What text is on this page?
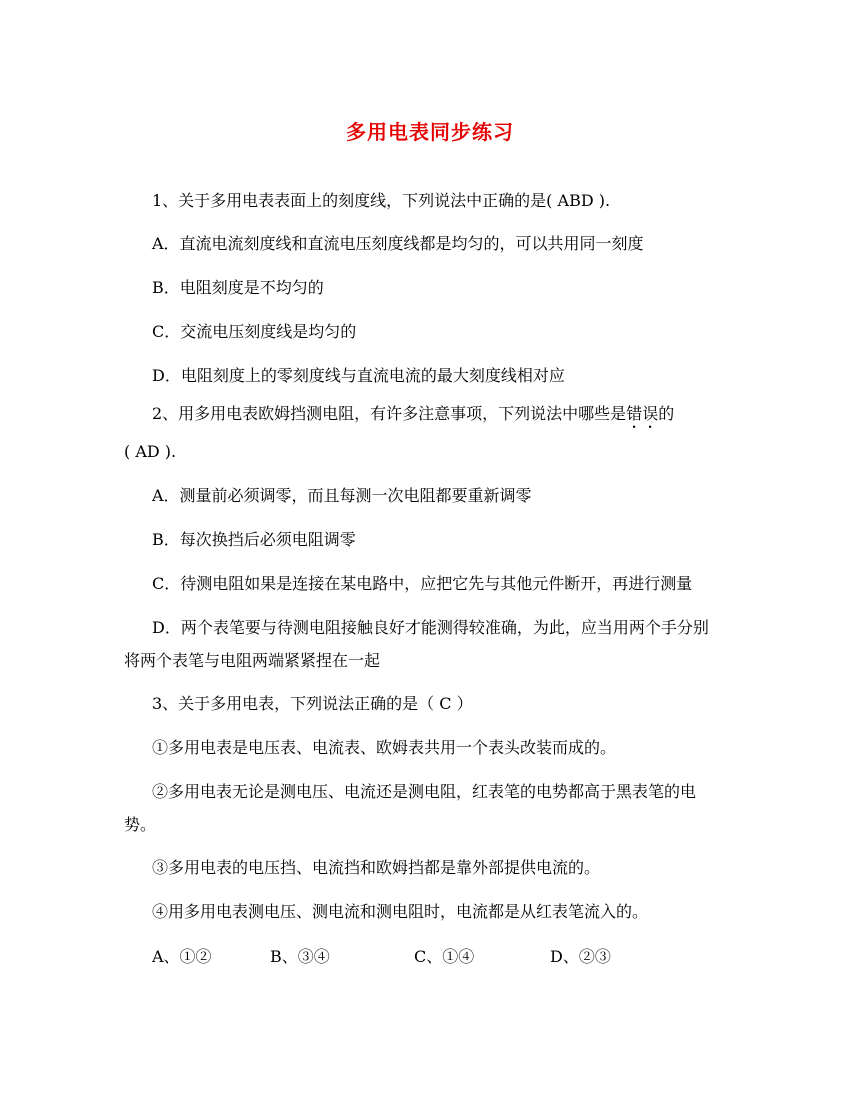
多用电表同步练习
1、关于多用电表表面上的刻度线，下列说法中正确的是( ABD ).
A．直流电流刻度线和直流电压刻度线都是均匀的，可以共用同一刻度
B．电阻刻度是不均匀的
C．交流电压刻度线是均匀的
D．电阻刻度上的零刻度线与直流电流的最大刻度线相对应
2、用多用电表欧姆挡测电阻，有许多注意事项，下列说法中哪些是错误的
( AD ).
A．测量前必须调零，而且每测一次电阻都要重新调零
B．每次换挡后必须电阻调零
C．待测电阻如果是连接在某电路中，应把它先与其他元件断开，再进行测量
D．两个表笔要与待测电阻接触良好才能测得较准确，为此，应当用两个手分别
将两个表笔与电阻两端紧紧捏在一起
3、关于多用电表，下列说法正确的是（ C ）
①多用电表是电压表、电流表、欧姆表共用一个表头改装而成的。
②多用电表无论是测电压、电流还是测电阻，红表笔的电势都高于黑表笔的电
势。
③多用电表的电压挡、电流挡和欧姆挡都是靠外部提供电流的。
④用多用电表测电压、测电流和测电阻时，电流都是从红表笔流入的。
A、①②	B、③④	C、①④	D、②③
